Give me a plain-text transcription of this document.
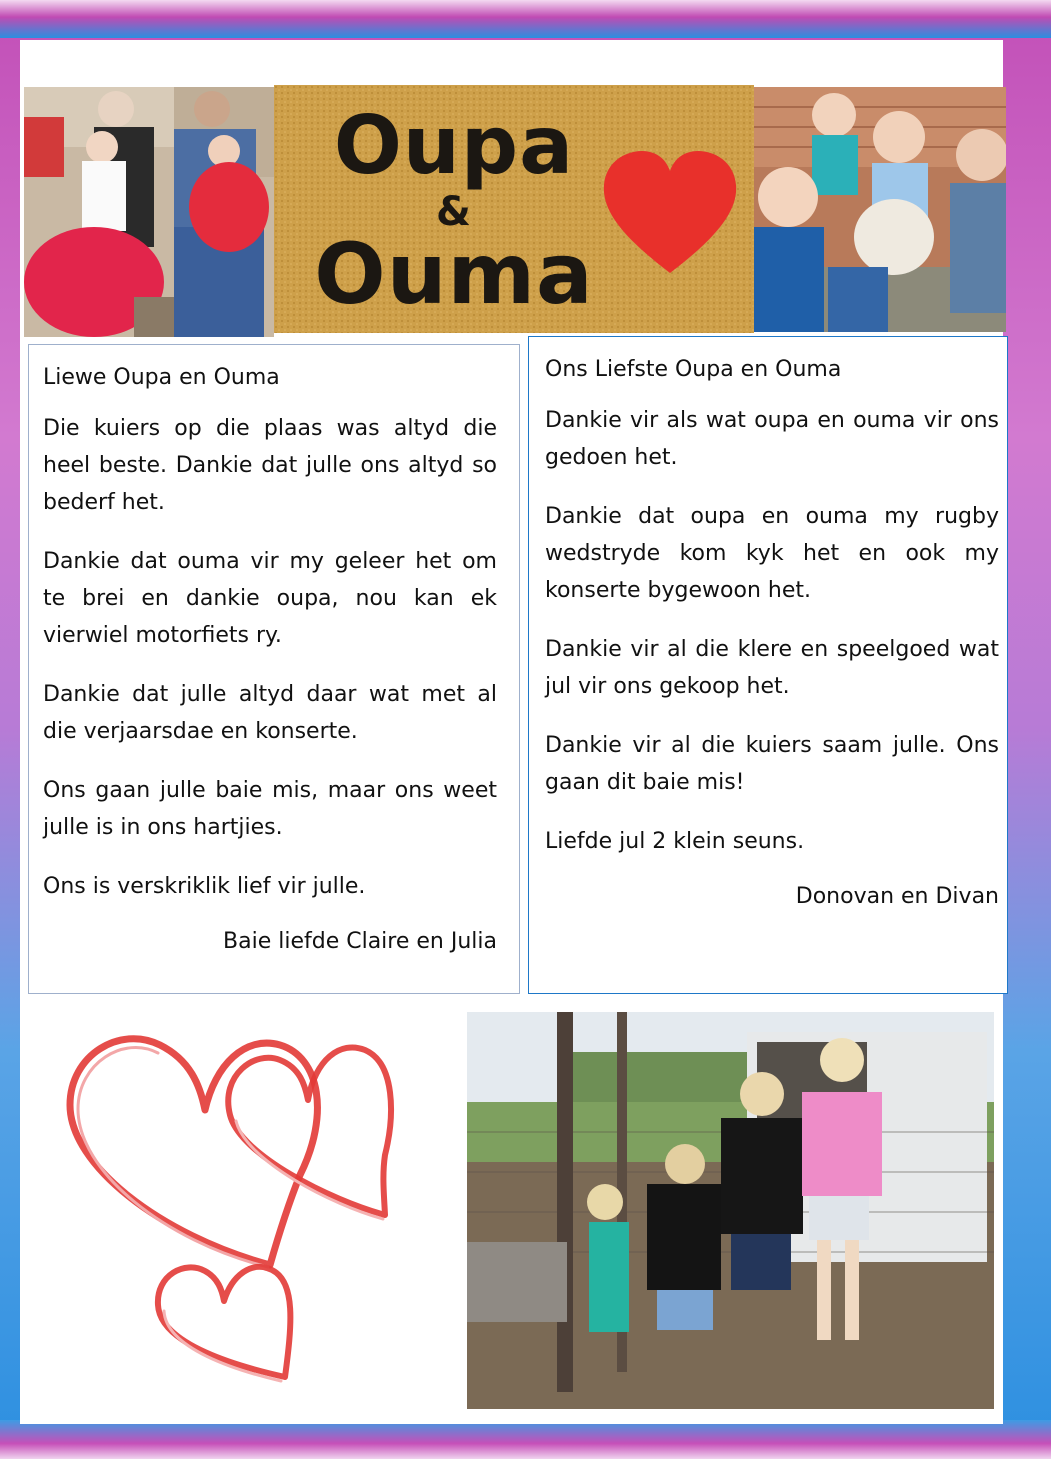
Oupa
&
Ouma

Liewe Oupa en Ouma

Die kuiers op die plaas was altyd die heel beste. Dankie dat julle ons altyd so bederf het.

Dankie dat ouma vir my geleer het om te brei en dankie oupa, nou kan ek vierwiel motorfiets ry.

Dankie dat julle altyd daar wat met al die verjaarsdae en konserte.

Ons gaan julle baie mis, maar ons weet julle is in ons hartjies.

Ons is verskriklik lief vir julle.

Baie liefde Claire en Julia

Ons Liefste Oupa en Ouma

Dankie vir als wat oupa en ouma vir ons gedoen het.

Dankie dat oupa en ouma my rugby wedstryde kom kyk het en ook my konserte bygewoon het.

Dankie vir al die klere en speelgoed wat jul vir ons gekoop het.

Dankie vir al die kuiers saam julle. Ons gaan dit baie mis!

Liefde jul 2 klein seuns.

Donovan en Divan
